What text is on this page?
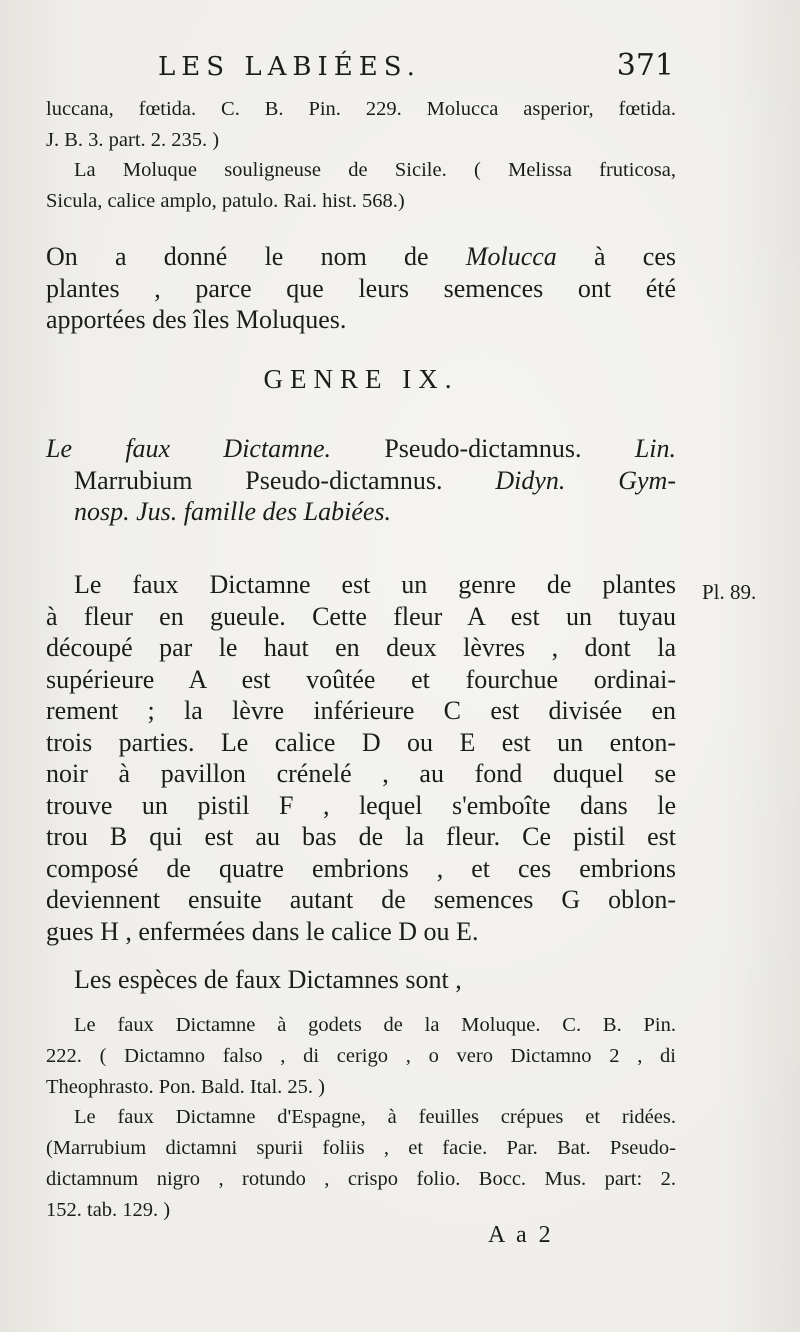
LES LABIÉES.	371
luccana, fœtida. C. B. Pin. 229. Molucca asperior, fœtida.
J. B. 3. part. 2. 235. )
La Moluque souligneuse de Sicile. ( Melissa fruticosa,
Sicula, calice amplo, patulo. Rai. hist. 568.)
On a donné le nom de Molucca à ces
plantes , parce que leurs semences ont été
apportées des îles Moluques.
GENRE IX.
Le faux Dictamne. Pseudo-dictamnus. Lin.
Marrubium Pseudo-dictamnus. Didyn. Gym-
nosp. Jus. famille des Labiées.
Pl. 89.
Le faux Dictamne est un genre de plantes
à fleur en gueule. Cette fleur A est un tuyau
découpé par le haut en deux lèvres , dont la
supérieure A est voûtée et fourchue ordinai-
rement ; la lèvre inférieure C est divisée en
trois parties. Le calice D ou E est un enton-
noir à pavillon crénelé , au fond duquel se
trouve un pistil F , lequel s'emboîte dans le
trou B qui est au bas de la fleur. Ce pistil est
composé de quatre embrions , et ces embrions
deviennent ensuite autant de semences G oblon-
gues H , enfermées dans le calice D ou E.
Les espèces de faux Dictamnes sont ,
Le faux Dictamne à godets de la Moluque. C. B. Pin.
222. ( Dictamno falso , di cerigo , o vero Dictamno 2 , di
Theophrasto. Pon. Bald. Ital. 25. )
Le faux Dictamne d'Espagne, à feuilles crépues et ridées.
(Marrubium dictamni spurii foliis , et facie. Par. Bat. Pseudo-
dictamnum nigro , rotundo , crispo folio. Bocc. Mus. part: 2.
152. tab. 129. )
A a 2
